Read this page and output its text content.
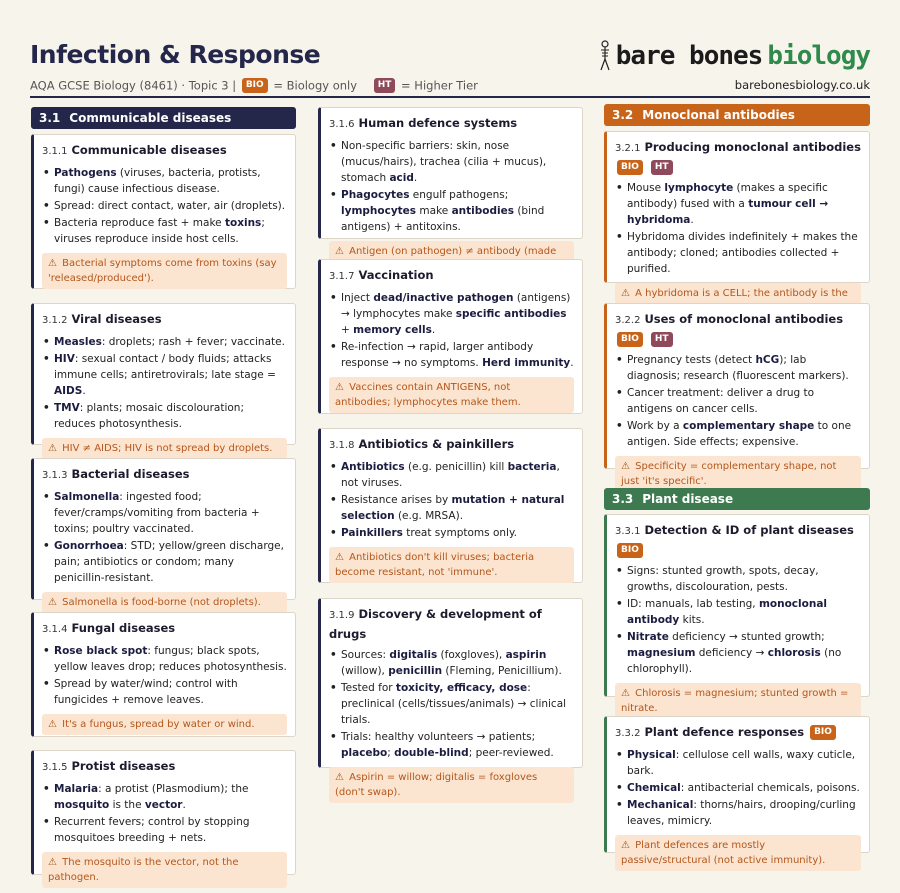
Infection & Response
AQA GCSE Biology (8461) · Topic 3 | BIO = Biology only HT = Higher Tier
bare bones biology
barebonesbiology.co.uk
3.1 Communicable diseases
3.1.1 Communicable diseases
• Pathogens (viruses, bacteria, protists, fungi) cause infectious disease.
• Spread: direct contact, water, air (droplets).
• Bacteria reproduce fast + make toxins; viruses reproduce inside host cells.
⚠ Bacterial symptoms come from toxins (say 'released/produced').
3.1.2 Viral diseases
• Measles: droplets; rash + fever; vaccinate.
• HIV: sexual contact / body fluids; attacks immune cells; antiretrovirals; late stage = AIDS.
• TMV: plants; mosaic discolouration; reduces photosynthesis.
⚠ HIV ≠ AIDS; HIV is not spread by droplets.
3.1.3 Bacterial diseases
• Salmonella: ingested food; fever/cramps/vomiting from bacteria + toxins; poultry vaccinated.
• Gonorrhoea: STD; yellow/green discharge, pain; antibiotics or condom; many penicillin-resistant.
⚠ Salmonella is food-borne (not droplets).
3.1.4 Fungal diseases
• Rose black spot: fungus; black spots, yellow leaves drop; reduces photosynthesis.
• Spread by water/wind; control with fungicides + remove leaves.
⚠ It's a fungus, spread by water or wind.
3.1.5 Protist diseases
• Malaria: a protist (Plasmodium); the mosquito is the vector.
• Recurrent fevers; control by stopping mosquitoes breeding + nets.
⚠ The mosquito is the vector, not the pathogen.
3.1.6 Human defence systems
• Non-specific barriers: skin, nose (mucus/hairs), trachea (cilia + mucus), stomach acid.
• Phagocytes engulf pathogens; lymphocytes make antibodies (bind antigens) + antitoxins.
⚠ Antigen (on pathogen) ≠ antibody (made
3.1.7 Vaccination
• Inject dead/inactive pathogen (antigens) → lymphocytes make specific antibodies + memory cells.
• Re-infection → rapid, larger antibody response → no symptoms. Herd immunity.
⚠ Vaccines contain ANTIGENS, not antibodies; lymphocytes make them.
3.1.8 Antibiotics & painkillers
• Antibiotics (e.g. penicillin) kill bacteria, not viruses.
• Resistance arises by mutation + natural selection (e.g. MRSA).
• Painkillers treat symptoms only.
⚠ Antibiotics don't kill viruses; bacteria become resistant, not 'immune'.
3.1.9 Discovery & development of drugs
• Sources: digitalis (foxgloves), aspirin (willow), penicillin (Fleming, Penicillium).
• Tested for toxicity, efficacy, dose: preclinical (cells/tissues/animals) → clinical trials.
• Trials: healthy volunteers → patients; placebo; double-blind; peer-reviewed.
⚠ Aspirin = willow; digitalis = foxgloves (don't swap).
3.2 Monoclonal antibodies
3.2.1 Producing monoclonal antibodies BIO HT
• Mouse lymphocyte (makes a specific antibody) fused with a tumour cell → hybridoma.
• Hybridoma divides indefinitely + makes the antibody; cloned; antibodies collected + purified.
⚠ A hybridoma is a CELL; the antibody is the
3.2.2 Uses of monoclonal antibodies BIO HT
• Pregnancy tests (detect hCG); lab diagnosis; research (fluorescent markers).
• Cancer treatment: deliver a drug to antigens on cancer cells.
• Work by a complementary shape to one antigen. Side effects; expensive.
⚠ Specificity = complementary shape, not just 'it's specific'.
3.3 Plant disease
3.3.1 Detection & ID of plant diseases BIO
• Signs: stunted growth, spots, decay, growths, discolouration, pests.
• ID: manuals, lab testing, monoclonal antibody kits.
• Nitrate deficiency → stunted growth; magnesium deficiency → chlorosis (no chlorophyll).
⚠ Chlorosis = magnesium; stunted growth = nitrate.
3.3.2 Plant defence responses BIO
• Physical: cellulose cell walls, waxy cuticle, bark.
• Chemical: antibacterial chemicals, poisons.
• Mechanical: thorns/hairs, drooping/curling leaves, mimicry.
⚠ Plant defences are mostly passive/structural (not active immunity).
